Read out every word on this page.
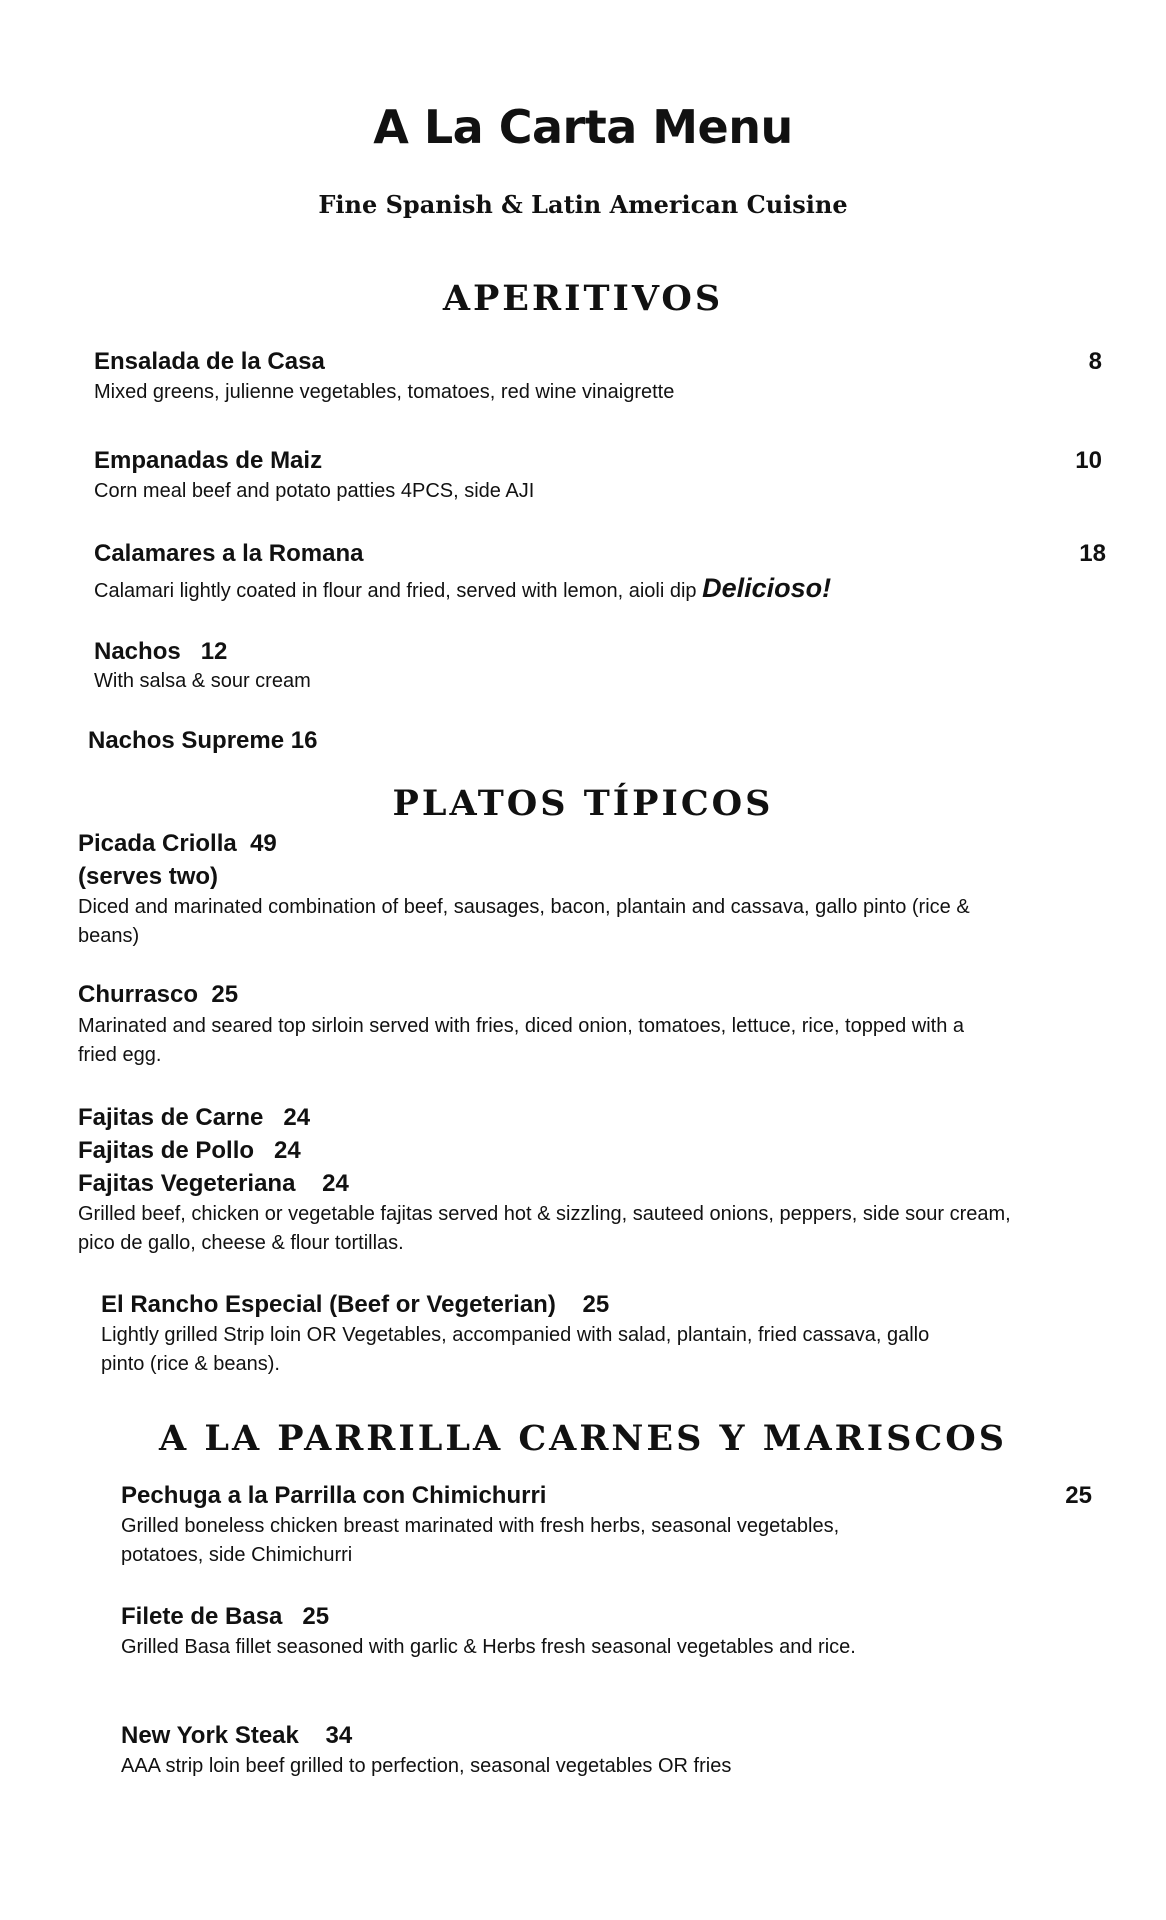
A La Carta Menu
Fine Spanish & Latin American Cuisine
APERITIVOS
Ensalada de la Casa	8
Mixed greens, julienne vegetables, tomatoes, red wine vinaigrette
Empanadas de Maiz	10
Corn meal beef and potato patties 4PCS, side AJI
Calamares a la Romana	18
Calamari lightly coated in flour and fried, served with lemon, aioli dip Delicioso!
Nachos   12
With salsa & sour cream
Nachos Supreme 16
PLATOS TÍPICOS
Picada Criolla  49
(serves two)
Diced and marinated combination of beef, sausages, bacon, plantain and cassava, gallo pinto (rice & beans)
Churrasco  25
Marinated and seared top sirloin served with fries, diced onion, tomatoes, lettuce, rice, topped with a fried egg.
Fajitas de Carne   24
Fajitas de Pollo   24
Fajitas Vegeteriana    24
Grilled beef, chicken or vegetable fajitas served hot & sizzling, sauteed onions, peppers, side sour cream, pico de gallo, cheese & flour tortillas.
El Rancho Especial (Beef or Vegeterian)    25
Lightly grilled Strip loin OR Vegetables, accompanied with salad, plantain, fried cassava, gallo pinto (rice & beans).
A LA PARRILLA CARNES Y MARISCOS
Pechuga a la Parrilla con Chimichurri	25
Grilled boneless chicken breast marinated with fresh herbs, seasonal vegetables, potatoes, side Chimichurri
Filete de Basa   25
Grilled Basa fillet seasoned with garlic & Herbs fresh seasonal vegetables and rice.
New York Steak    34
AAA strip loin beef grilled to perfection, seasonal vegetables OR fries
